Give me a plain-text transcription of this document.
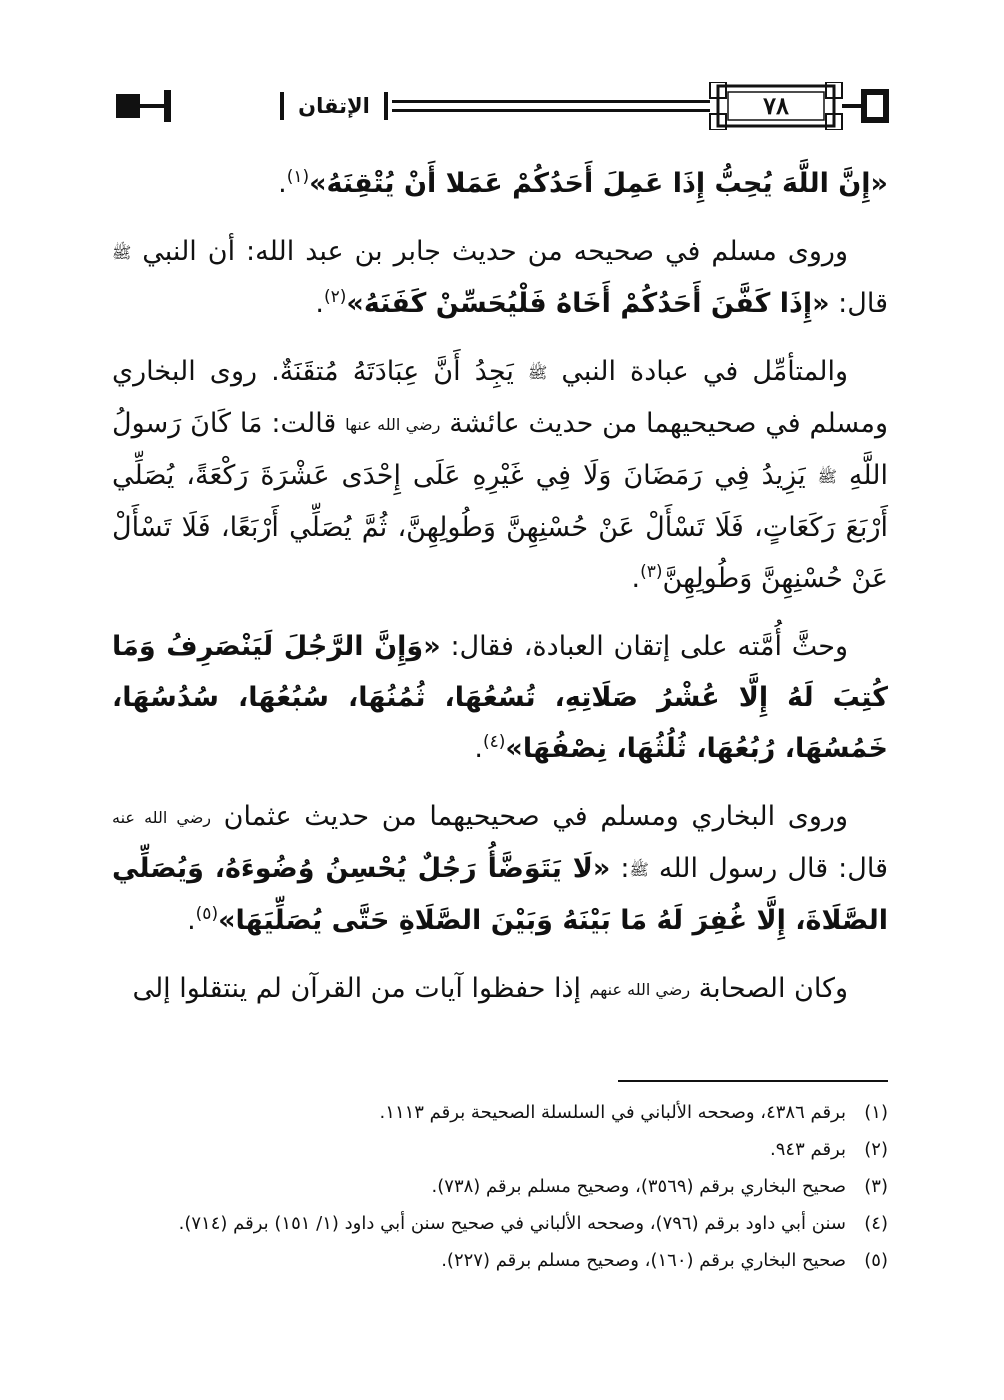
الإتقان	٧٨

«إِنَّ اللَّهَ يُحِبُّ إِذَا عَمِلَ أَحَدُكُمْ عَمَلا أَنْ يُتْقِنَهُ»$^{(١)}$.

وروى مسلم في صحيحه من حديث جابر بن عبد الله: أن النبي ﷺ قال: «إِذَا كَفَّنَ أَحَدُكُمْ أَخَاهُ فَلْيُحَسِّنْ كَفَنَهُ»$^{(٢)}$.

والمتأمِّل في عبادة النبي ﷺ يَجِدُ أَنَّ عِبَادَتَهُ مُتقَنَةٌ. روى البخاري ومسلم في صحيحيهما من حديث عائشة رضي الله عنها قالت: مَا كَانَ رَسولُ اللَّهِ ﷺ يَزِيدُ فِي رَمَضَانَ وَلَا فِي غَيْرِهِ عَلَى إِحْدَى عَشْرَةَ رَكْعَةً، يُصَلِّي أَرْبَعَ رَكَعَاتٍ، فَلَا تَسْأَلْ عَنْ حُسْنِهِنَّ وَطُولِهِنَّ، ثُمَّ يُصَلِّي أَرْبَعًا، فَلَا تَسْأَلْ عَنْ حُسْنِهِنَّ وَطُولِهِنَّ$^{(٣)}$.

وحثَّ أُمَّته على إتقان العبادة، فقال: «وَإِنَّ الرَّجُلَ لَيَنْصَرِفُ وَمَا كُتِبَ لَهُ إِلَّا عُشْرُ صَلَاتِهِ، تُسُعُهَا، ثُمُنُهَا، سُبُعُهَا، سُدُسُهَا، خَمُسُهَا، رُبُعُهَا، ثُلُثُهَا، نِصْفُهَا»$^{(٤)}$.

وروى البخاري ومسلم في صحيحيهما من حديث عثمان رضي الله عنه قال: قال رسول الله ﷺ: «لَا يَتَوَضَّأُ رَجُلٌ يُحْسِنُ وُضُوءَهُ، وَيُصَلِّي الصَّلَاةَ، إِلَّا غُفِرَ لَهُ مَا بَيْنَهُ وَبَيْنَ الصَّلَاةِ حَتَّى يُصَلِّيَهَا»$^{(٥)}$.

وكان الصحابة رضي الله عنهم إذا حفظوا آيات من القرآن لم ينتقلوا إلى

(١)
برقم ٤٣٨٦، وصححه الألباني في السلسلة الصحيحة برقم ١١١٣.

(٢)
برقم ٩٤٣.

(٣)
صحيح البخاري برقم (٣٥٦٩)، وصحيح مسلم برقم (٧٣٨).

(٤)
سنن أبي داود برقم (٧٩٦)، وصححه الألباني في صحيح سنن أبي داود (١/ ١٥١) برقم (٧١٤).

(٥)
صحيح البخاري برقم (١٦٠)، وصحيح مسلم برقم (٢٢٧).
